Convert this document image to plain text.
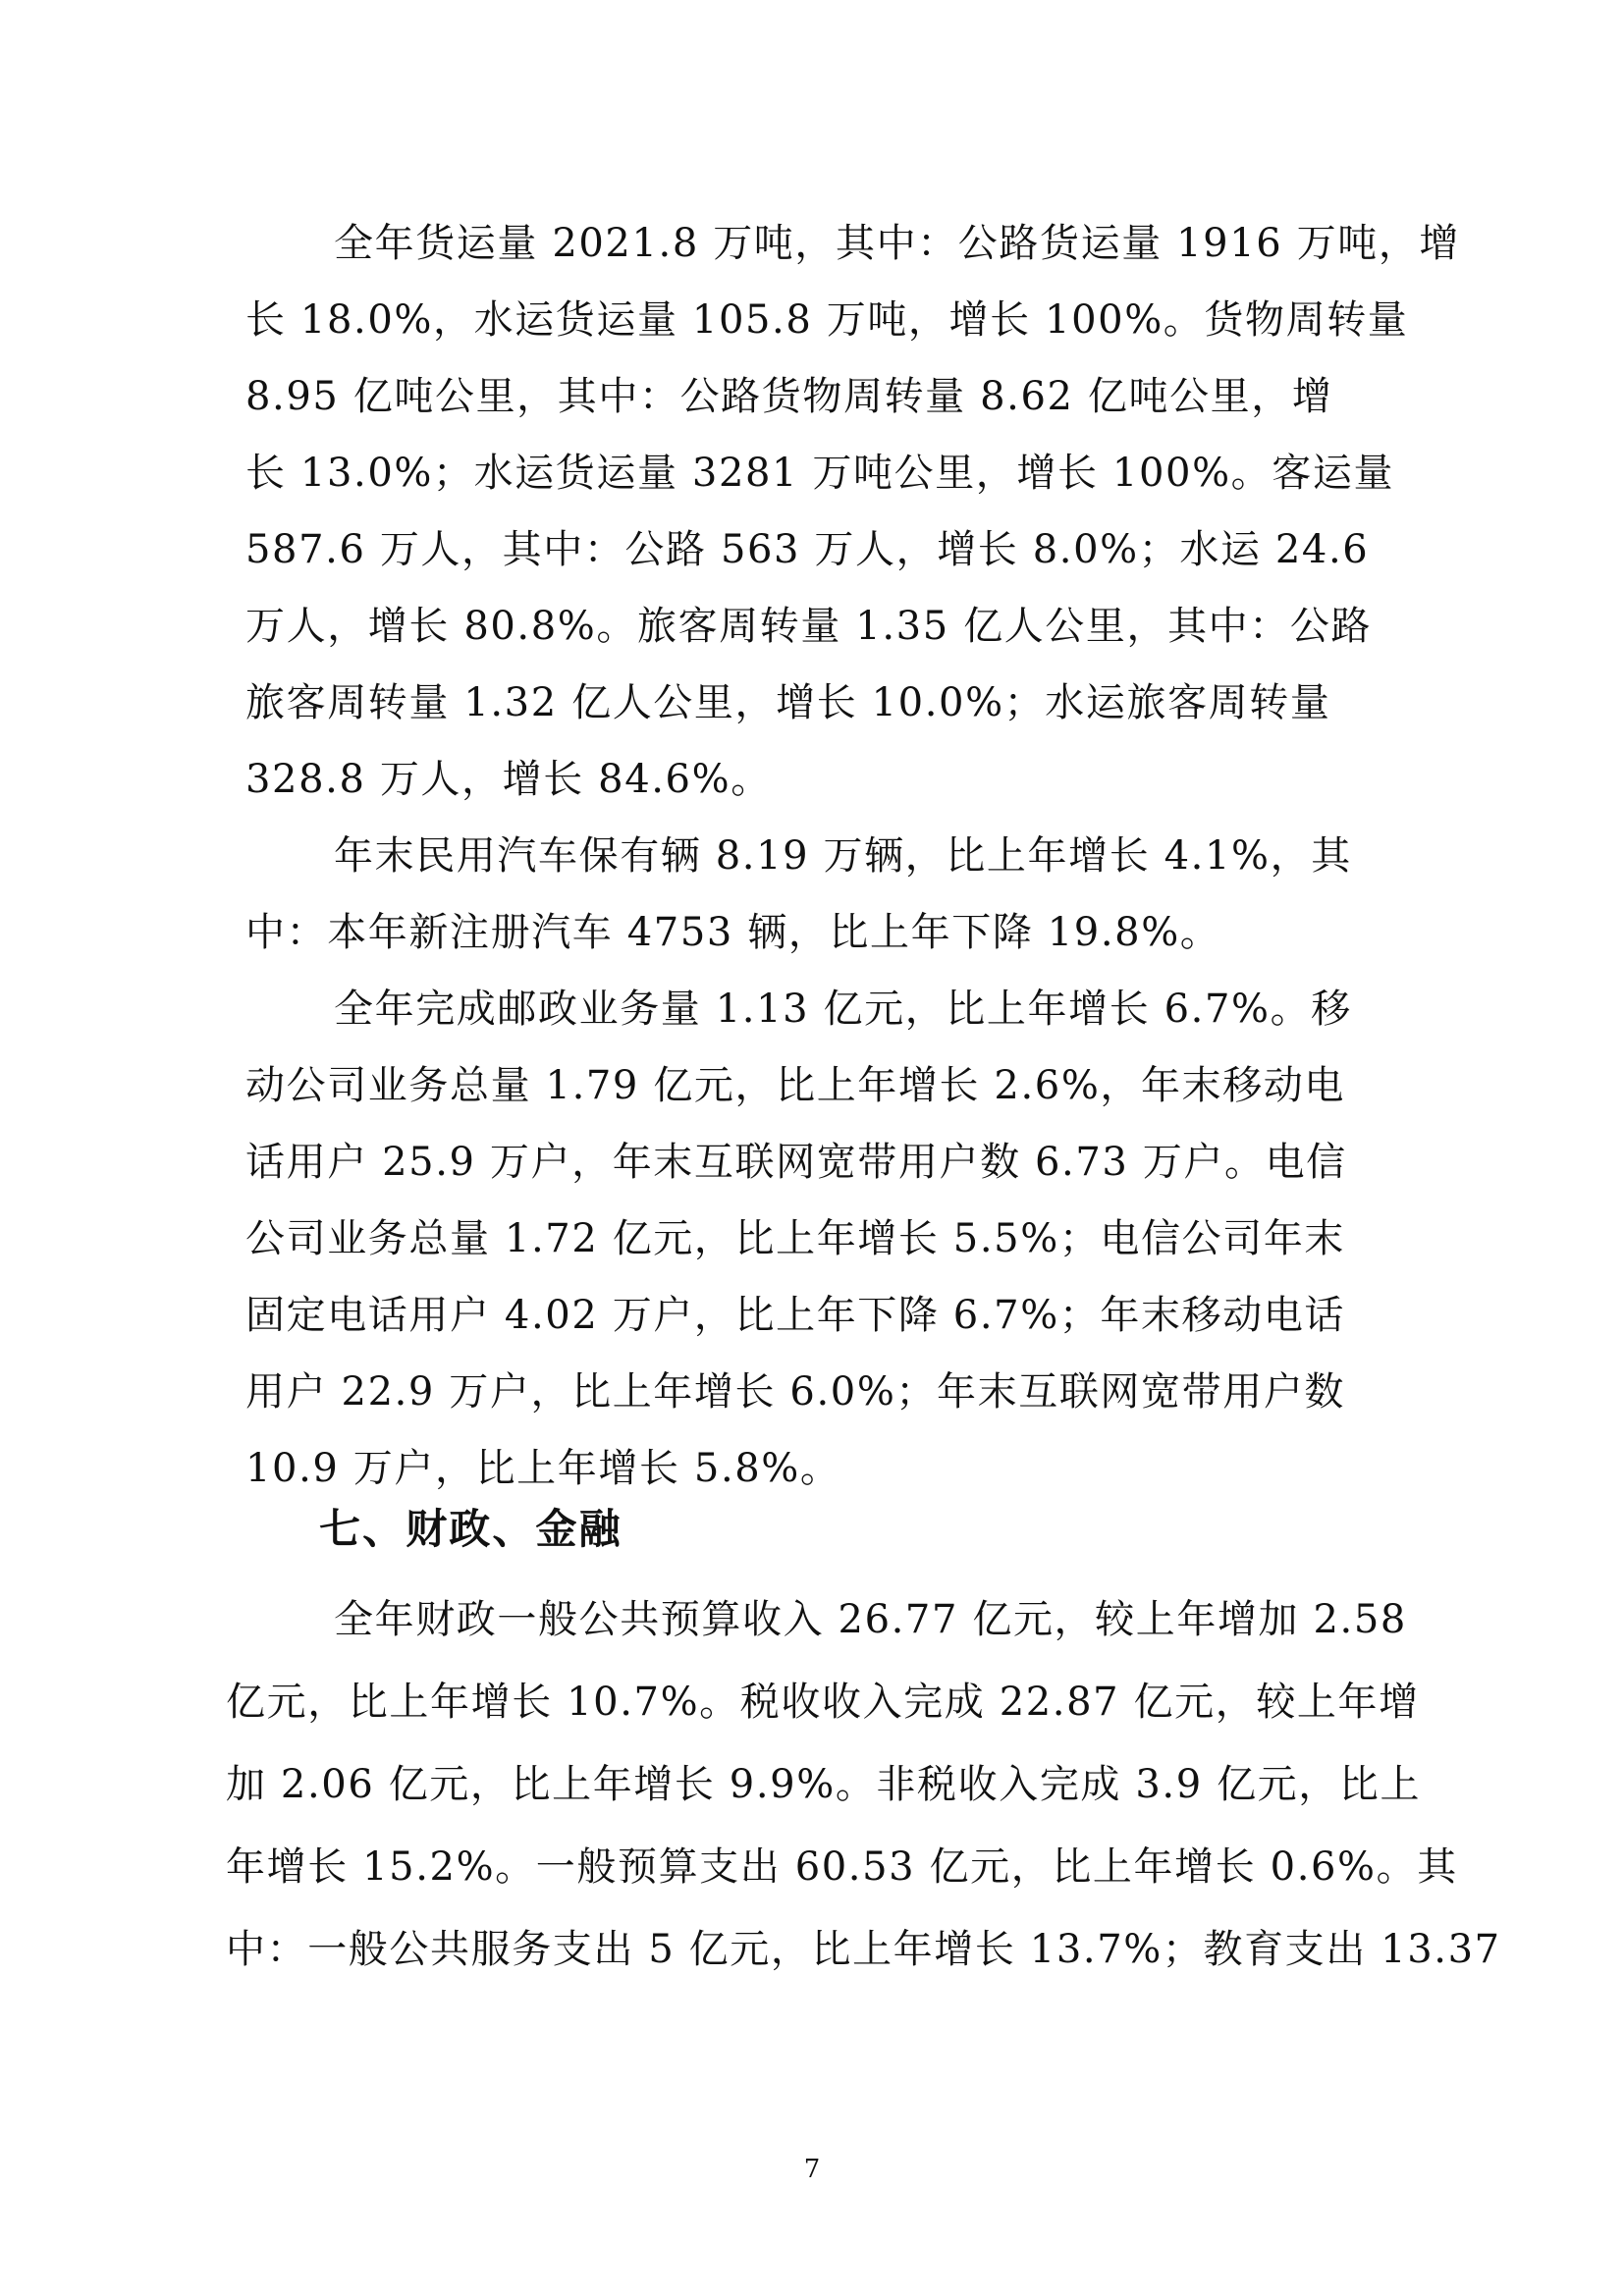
全年货运量 2021.8 万吨，其中：公路货运量 1916 万吨，增
长 18.0%，水运货运量 105.8 万吨，增长 100%。货物周转量
8.95 亿吨公里，其中：公路货物周转量 8.62 亿吨公里，增
长 13.0%；水运货运量 3281 万吨公里，增长 100%。客运量
587.6 万人，其中：公路 563 万人，增长 8.0%；水运 24.6
万人，增长 80.8%。旅客周转量 1.35 亿人公里，其中：公路
旅客周转量 1.32 亿人公里，增长 10.0%；水运旅客周转量
328.8 万人，增长 84.6%。
年末民用汽车保有辆 8.19 万辆，比上年增长 4.1%，其
中：本年新注册汽车 4753 辆，比上年下降 19.8%。
全年完成邮政业务量 1.13 亿元，比上年增长 6.7%。移
动公司业务总量 1.79 亿元，比上年增长 2.6%，年末移动电
话用户 25.9 万户，年末互联网宽带用户数 6.73 万户。电信
公司业务总量 1.72 亿元，比上年增长 5.5%；电信公司年末
固定电话用户 4.02 万户，比上年下降 6.7%；年末移动电话
用户 22.9 万户，比上年增长 6.0%；年末互联网宽带用户数
10.9 万户，比上年增长 5.8%。
七、财政、金融
全年财政一般公共预算收入 26.77 亿元，较上年增加 2.58
亿元，比上年增长 10.7%。税收收入完成 22.87 亿元，较上年增
加 2.06 亿元，比上年增长 9.9%。非税收入完成 3.9 亿元，比上
年增长 15.2%。一般预算支出 60.53 亿元，比上年增长 0.6%。其
中：一般公共服务支出 5 亿元，比上年增长 13.7%；教育支出 13.37
7
